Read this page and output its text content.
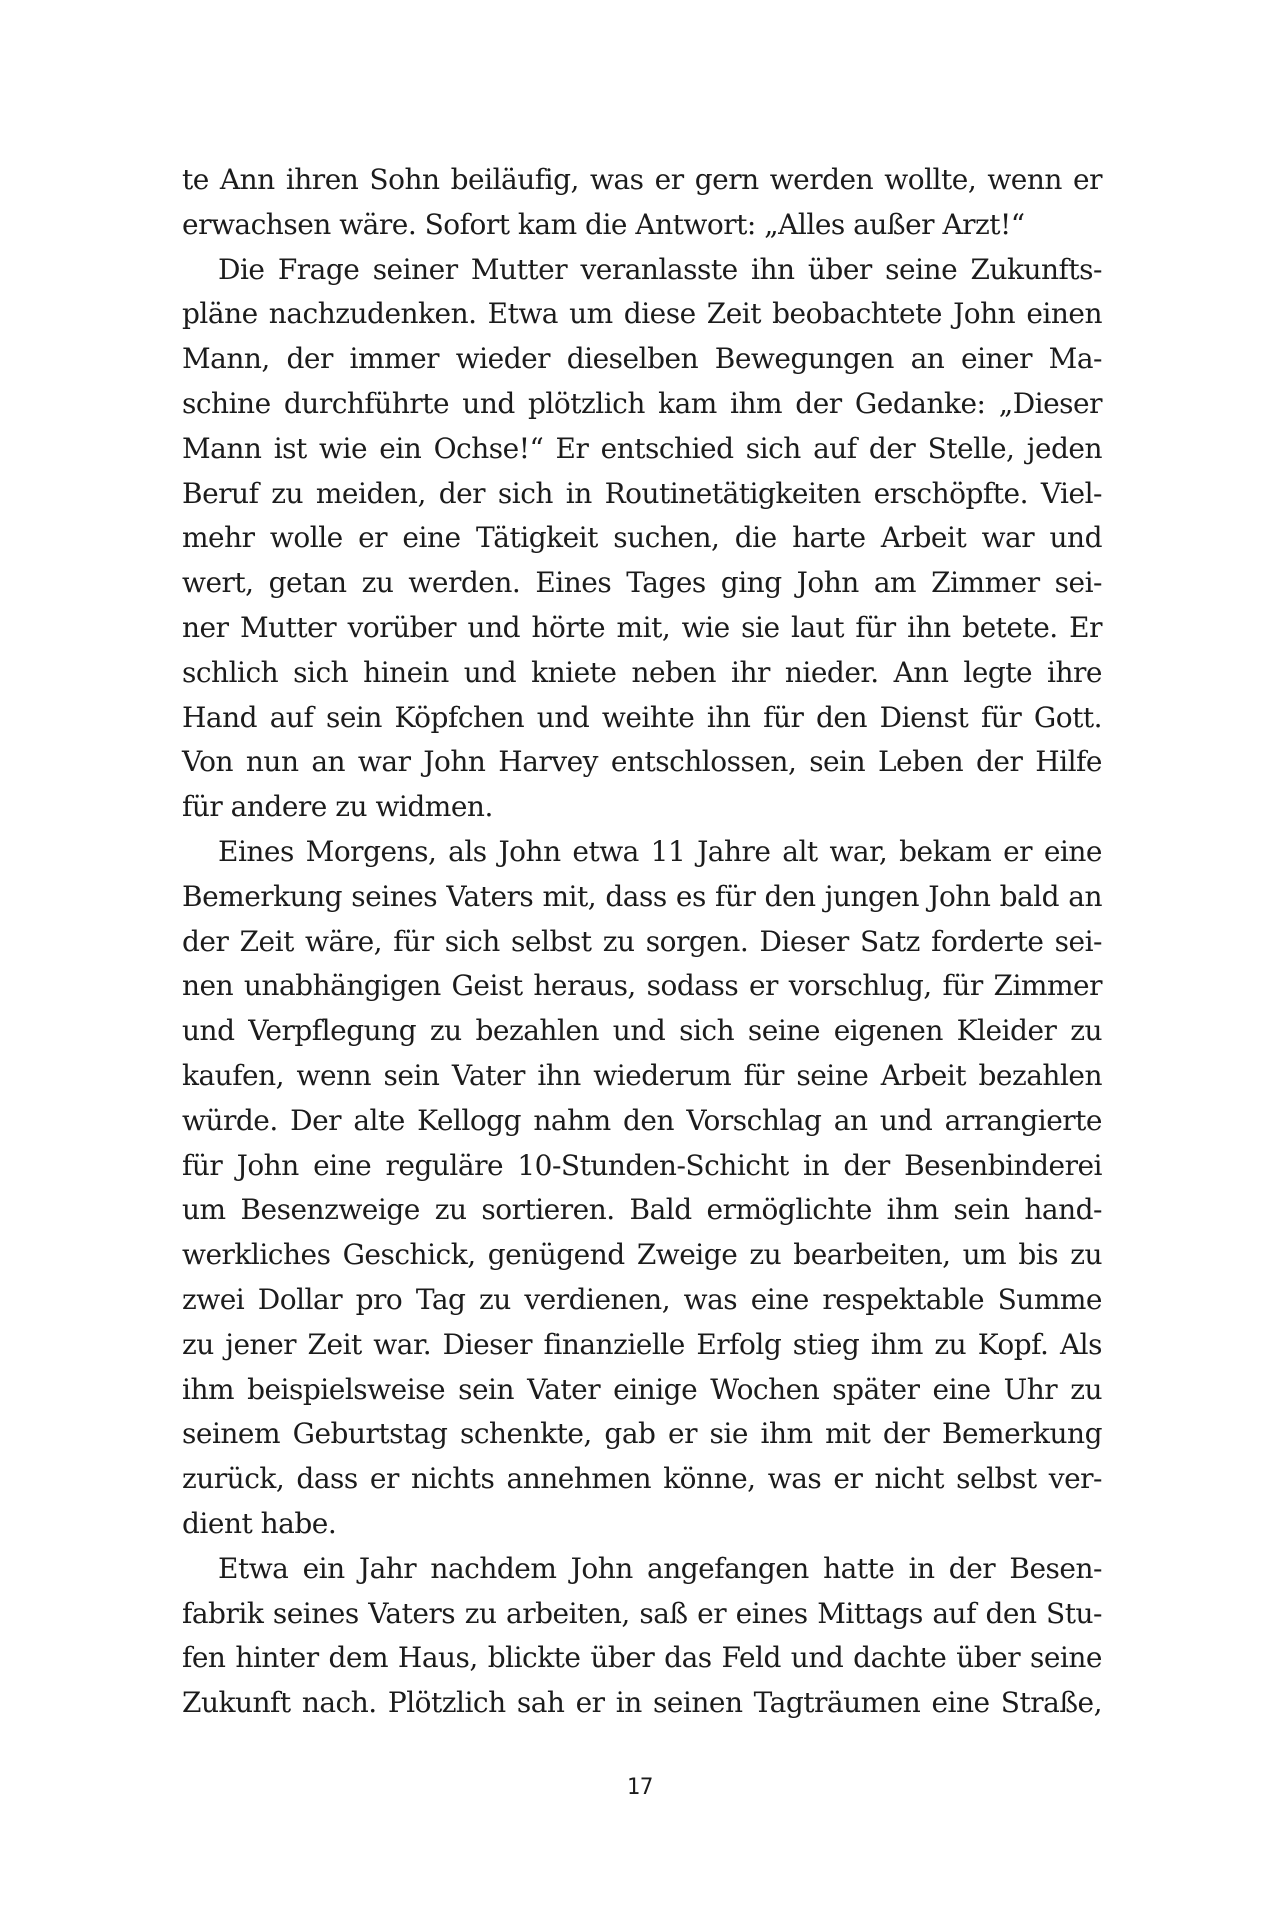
te Ann ihren Sohn beiläufig, was er gern werden wollte, wenn er
erwachsen wäre. Sofort kam die Antwort: „Alles außer Arzt!“
Die Frage seiner Mutter veranlasste ihn über seine Zukunfts-
pläne nachzudenken. Etwa um diese Zeit beobachtete John einen
Mann, der immer wieder dieselben Bewegungen an einer Ma-
schine durchführte und plötzlich kam ihm der Gedanke: „Dieser
Mann ist wie ein Ochse!“ Er entschied sich auf der Stelle, jeden
Beruf zu meiden, der sich in Routinetätigkeiten erschöpfte. Viel-
mehr wolle er eine Tätigkeit suchen, die harte Arbeit war und
wert, getan zu werden. Eines Tages ging John am Zimmer sei-
ner Mutter vorüber und hörte mit, wie sie laut für ihn betete. Er
schlich sich hinein und kniete neben ihr nieder. Ann legte ihre
Hand auf sein Köpfchen und weihte ihn für den Dienst für Gott.
Von nun an war John Harvey entschlossen, sein Leben der Hilfe
für andere zu widmen.
Eines Morgens, als John etwa 11 Jahre alt war, bekam er eine
Bemerkung seines Vaters mit, dass es für den jungen John bald an
der Zeit wäre, für sich selbst zu sorgen. Dieser Satz forderte sei-
nen unabhängigen Geist heraus, sodass er vorschlug, für Zimmer
und Verpflegung zu bezahlen und sich seine eigenen Kleider zu
kaufen, wenn sein Vater ihn wiederum für seine Arbeit bezahlen
würde. Der alte Kellogg nahm den Vorschlag an und arrangierte
für John eine reguläre 10-Stunden-Schicht in der Besenbinderei
um Besenzweige zu sortieren. Bald ermöglichte ihm sein hand-
werkliches Geschick, genügend Zweige zu bearbeiten, um bis zu
zwei Dollar pro Tag zu verdienen, was eine respektable Summe
zu jener Zeit war. Dieser finanzielle Erfolg stieg ihm zu Kopf. Als
ihm beispielsweise sein Vater einige Wochen später eine Uhr zu
seinem Geburtstag schenkte, gab er sie ihm mit der Bemerkung
zurück, dass er nichts annehmen könne, was er nicht selbst ver-
dient habe.
Etwa ein Jahr nachdem John angefangen hatte in der Besen-
fabrik seines Vaters zu arbeiten, saß er eines Mittags auf den Stu-
fen hinter dem Haus, blickte über das Feld und dachte über seine
Zukunft nach. Plötzlich sah er in seinen Tagträumen eine Straße,
17
